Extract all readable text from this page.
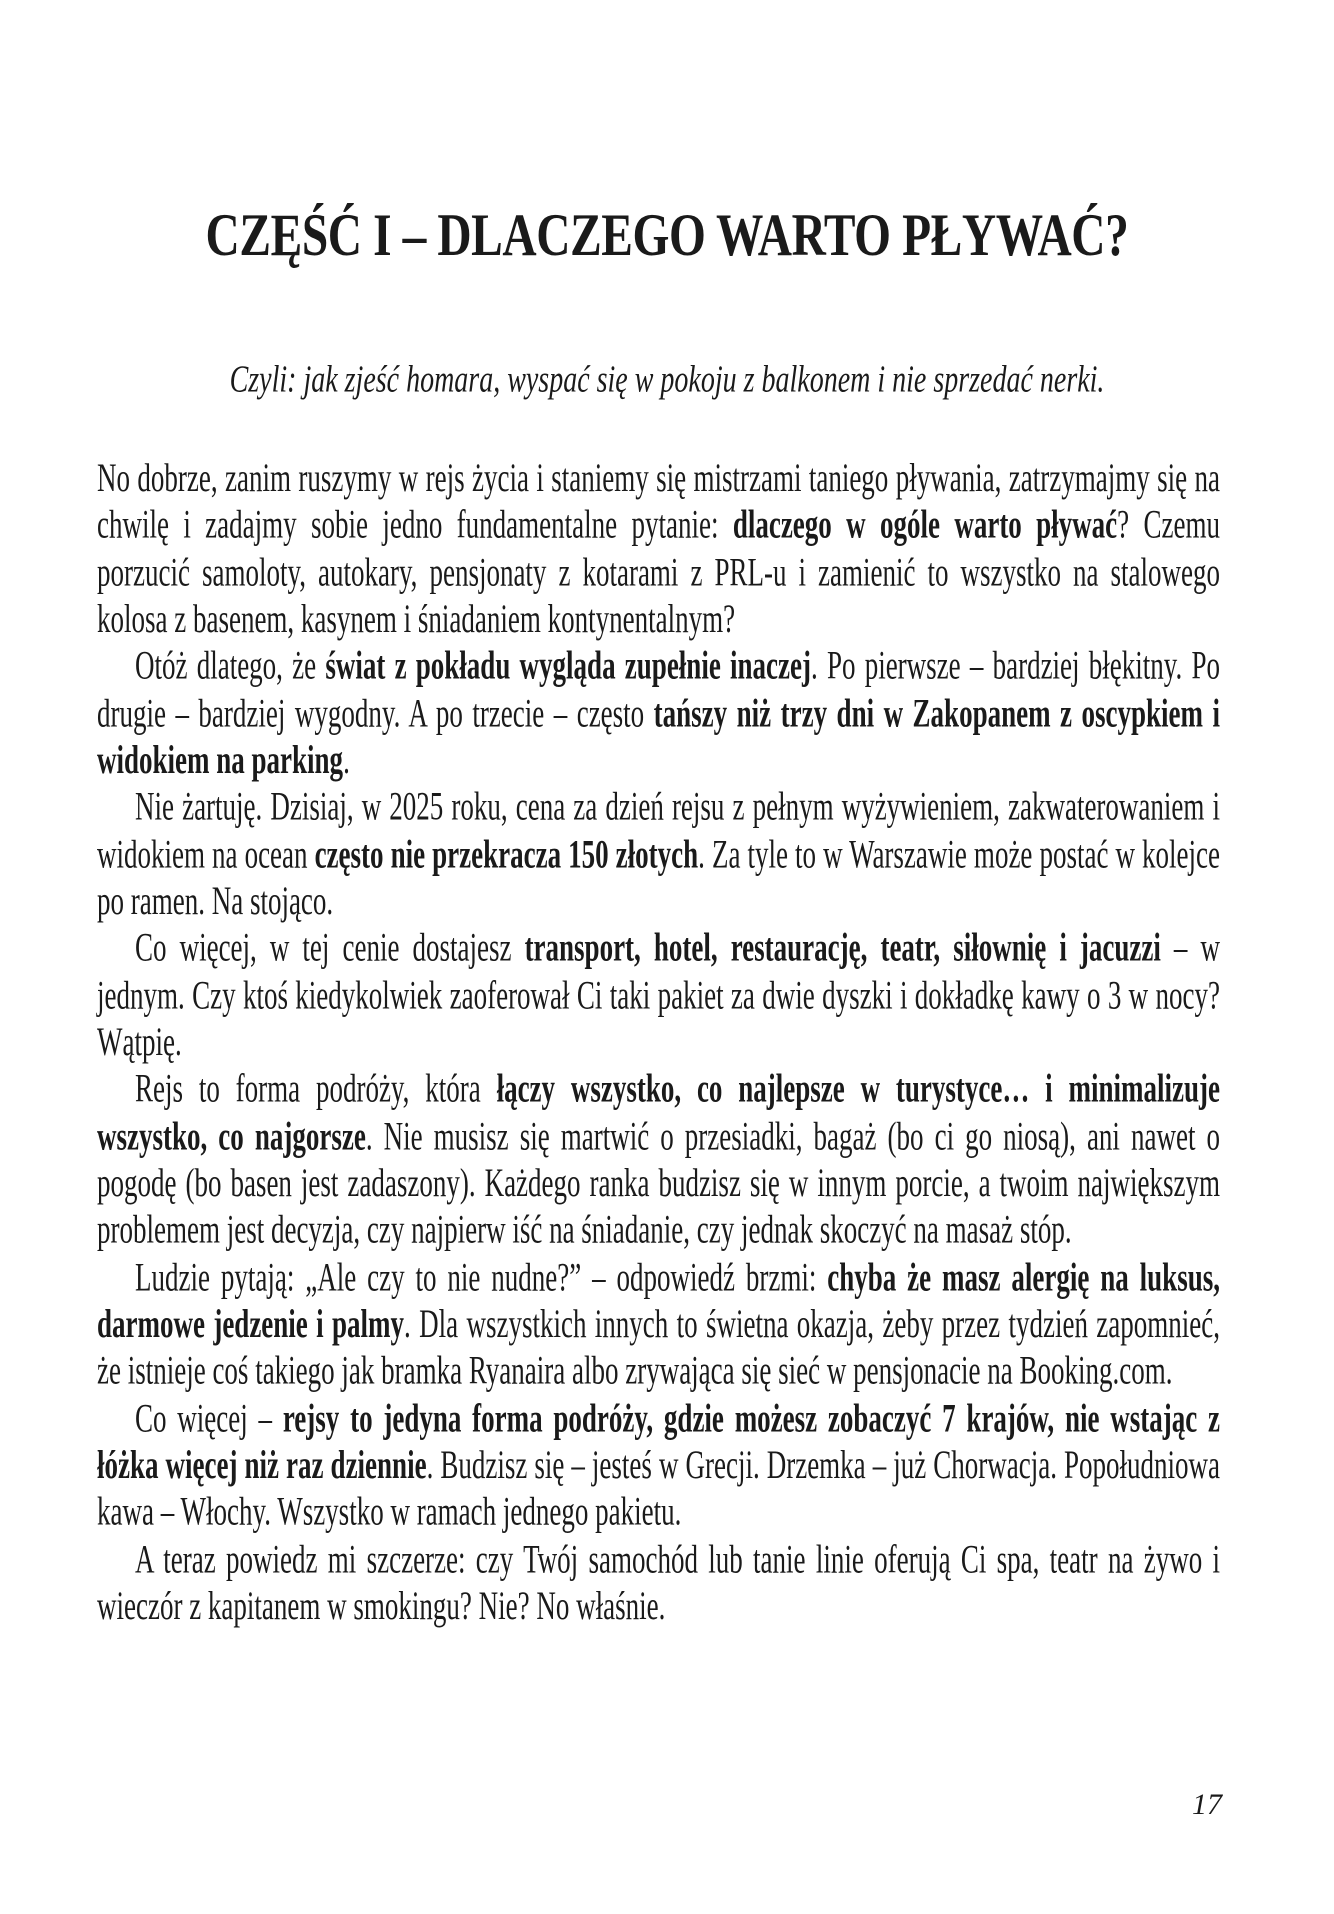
CZĘŚĆ I – DLACZEGO WARTO PŁYWAĆ?

Czyli: jak zjeść homara, wyspać się w pokoju z balkonem i nie sprzedać nerki.

No dobrze, zanim ruszymy w rejs życia i staniemy się mistrzami taniego pływania, zatrzymajmy się na chwilę i zadajmy sobie jedno fundamentalne pytanie: dlaczego w ogóle warto pływać? Czemu porzucić samoloty, autokary, pensjonaty z kotarami z PRL-u i zamienić to wszystko na stalowego kolosa z basenem, kasynem i śniadaniem kontynentalnym?

Otóż dlatego, że świat z pokładu wygląda zupełnie inaczej. Po pierwsze – bardziej błękitny. Po drugie – bardziej wygodny. A po trzecie – często tańszy niż trzy dni w Zakopanem z oscypkiem i widokiem na parking.

Nie żartuję. Dzisiaj, w 2025 roku, cena za dzień rejsu z pełnym wyżywieniem, zakwaterowaniem i widokiem na ocean często nie przekracza 150 złotych. Za tyle to w Warszawie może postać w kolejce po ramen. Na stojąco.

Co więcej, w tej cenie dostajesz transport, hotel, restaurację, teatr, siłownię i jacuzzi – w jednym. Czy ktoś kiedykolwiek zaoferował Ci taki pakiet za dwie dyszki i dokładkę kawy o 3 w nocy? Wątpię.

Rejs to forma podróży, która łączy wszystko, co najlepsze w turystyce… i minimalizuje wszystko, co najgorsze. Nie musisz się martwić o przesiadki, bagaż (bo ci go niosą), ani nawet o pogodę (bo basen jest zadaszony). Każdego ranka budzisz się w innym porcie, a twoim największym problemem jest decyzja, czy najpierw iść na śniadanie, czy jednak skoczyć na masaż stóp.

Ludzie pytają: „Ale czy to nie nudne?” – odpowiedź brzmi: chyba że masz alergię na luksus, darmowe jedzenie i palmy. Dla wszystkich innych to świetna okazja, żeby przez tydzień zapomnieć, że istnieje coś takiego jak bramka Ryanaira albo zrywająca się sieć w pensjonacie na Booking.com.

Co więcej – rejsy to jedyna forma podróży, gdzie możesz zobaczyć 7 krajów, nie wstając z łóżka więcej niż raz dziennie. Budzisz się – jesteś w Grecji. Drzemka – już Chorwacja. Popołudniowa kawa – Włochy. Wszystko w ramach jednego pakietu.

A teraz powiedz mi szczerze: czy Twój samochód lub tanie linie oferują Ci spa, teatr na żywo i wieczór z kapitanem w smokingu? Nie? No właśnie.

17
